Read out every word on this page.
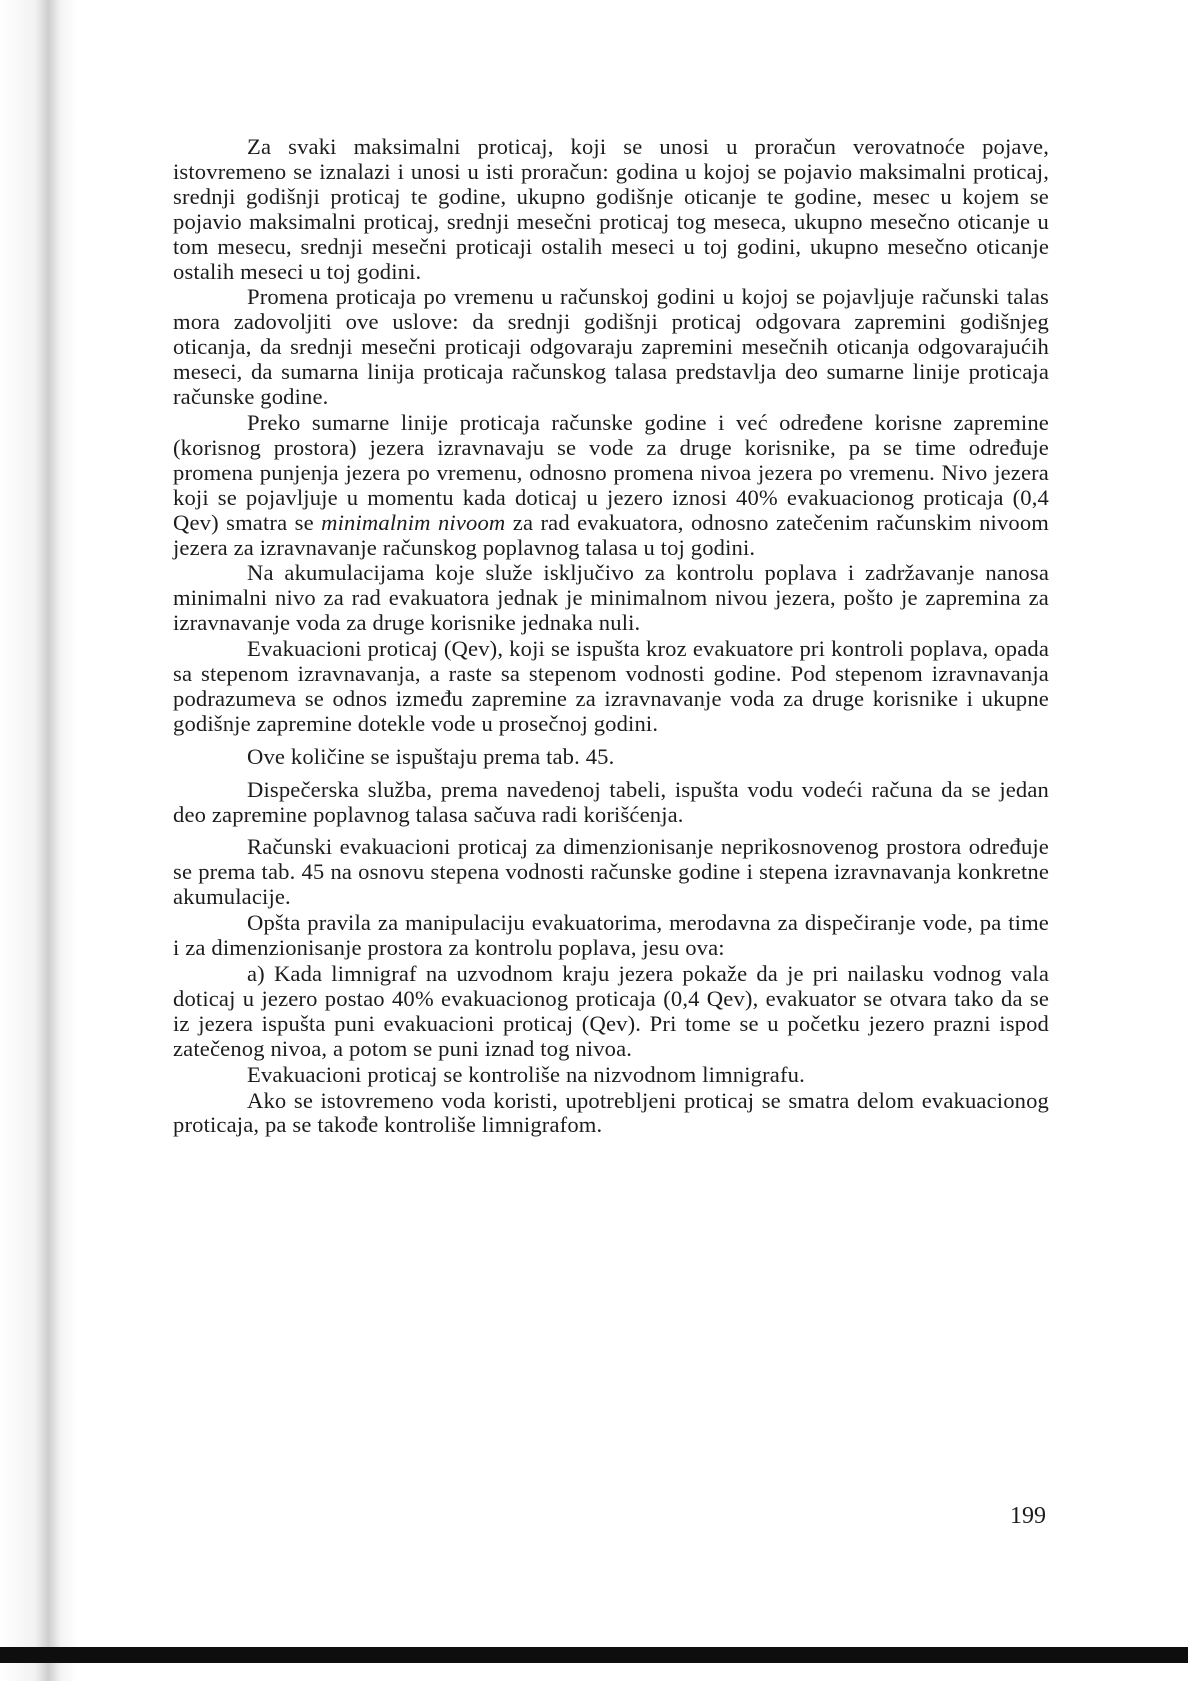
Za svaki maksimalni proticaj, koji se unosi u proračun verovatnoće pojave, istovremeno se iznalazi i unosi u isti proračun: godina u kojoj se pojavio maksimalni proticaj, srednji godišnji proticaj te godine, ukupno godišnje oticanje te godine, mesec u kojem se pojavio maksimalni proticaj, srednji mesečni proticaj tog meseca, ukupno mesečno oticanje u tom mesecu, srednji mesečni proticaji ostalih meseci u toj godini, ukupno mesečno oticanje ostalih meseci u toj godini.

Promena proticaja po vremenu u računskoj godini u kojoj se pojavljuje računski talas mora zadovoljiti ove uslove: da srednji godišnji proticaj odgovara zapremini godišnjeg oticanja, da srednji mesečni proticaji odgovaraju zapremini mesečnih oticanja odgovarajućih meseci, da sumarna linija proticaja računskog talasa predstavlja deo sumarne linije proticaja računske godine.

Preko sumarne linije proticaja računske godine i već određene korisne zapremine (korisnog prostora) jezera izravnavaju se vode za druge korisnike, pa se time određuje promena punjenja jezera po vremenu, odnosno promena nivoa jezera po vremenu. Nivo jezera koji se pojavljuje u momentu kada doticaj u jezero iznosi 40% evakuacionog proticaja (0,4 Qev) smatra se minimalnim nivoom za rad evakuatora, odnosno zatečenim računskim nivoom jezera za izravnavanje računskog poplavnog talasa u toj godini.

Na akumulacijama koje služe isključivo za kontrolu poplava i zadržavanje nanosa minimalni nivo za rad evakuatora jednak je minimalnom nivou jezera, pošto je zapremina za izravnavanje voda za druge korisnike jednaka nuli.

Evakuacioni proticaj (Qev), koji se ispušta kroz evakuatore pri kontroli poplava, opada sa stepenom izravnavanja, a raste sa stepenom vodnosti godine. Pod stepenom izravnavanja podrazumeva se odnos između zapremine za izravnavanje voda za druge korisnike i ukupne godišnje zapremine dotekle vode u prosečnoj godini.

Ove količine se ispuštaju prema tab. 45.

Dispečerska služba, prema navedenoj tabeli, ispušta vodu vodeći računa da se jedan deo zapremine poplavnog talasa sačuva radi korišćenja.

Računski evakuacioni proticaj za dimenzionisanje neprikosnovenog prostora određuje se prema tab. 45 na osnovu stepena vodnosti računske godine i stepena izravnavanja konkretne akumulacije.

Opšta pravila za manipulaciju evakuatorima, merodavna za dispečiranje vode, pa time i za dimenzionisanje prostora za kontrolu poplava, jesu ova:

a) Kada limnigraf na uzvodnom kraju jezera pokaže da je pri nailasku vodnog vala doticaj u jezero postao 40% evakuacionog proticaja (0,4 Qev), evakuator se otvara tako da se iz jezera ispušta puni evakuacioni proticaj (Qev). Pri tome se u početku jezero prazni ispod zatečenog nivoa, a potom se puni iznad tog nivoa.

Evakuacioni proticaj se kontroliše na nizvodnom limnigrafu.

Ako se istovremeno voda koristi, upotrebljeni proticaj se smatra delom evakuacionog proticaja, pa se takođe kontroliše limnigrafom.

199
